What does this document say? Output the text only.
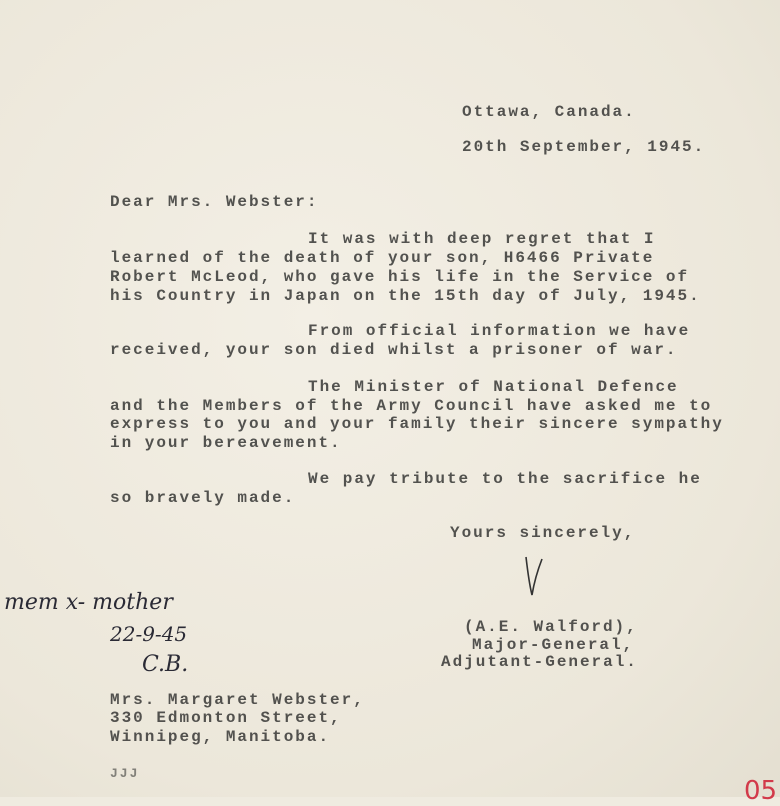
Ottawa, Canada.
20th September, 1945.
Dear Mrs. Webster:
It was with deep regret that I
learned of the death of your son, H6466 Private
Robert McLeod, who gave his life in the Service of
his Country in Japan on the 15th day of July, 1945.
From official information we have
received, your son died whilst a prisoner of war.
The Minister of National Defence
and the Members of the Army Council have asked me to
express to you and your family their sincere sympathy
in your bereavement.
We pay tribute to the sacrifice he
so bravely made.
Yours sincerely,
(A.E. Walford),
Major-General,
Adjutant-General.
mem x- mother
22-9-45
C.B.
Mrs. Margaret Webster,
330 Edmonton Street,
Winnipeg, Manitoba.
JJJ
05
